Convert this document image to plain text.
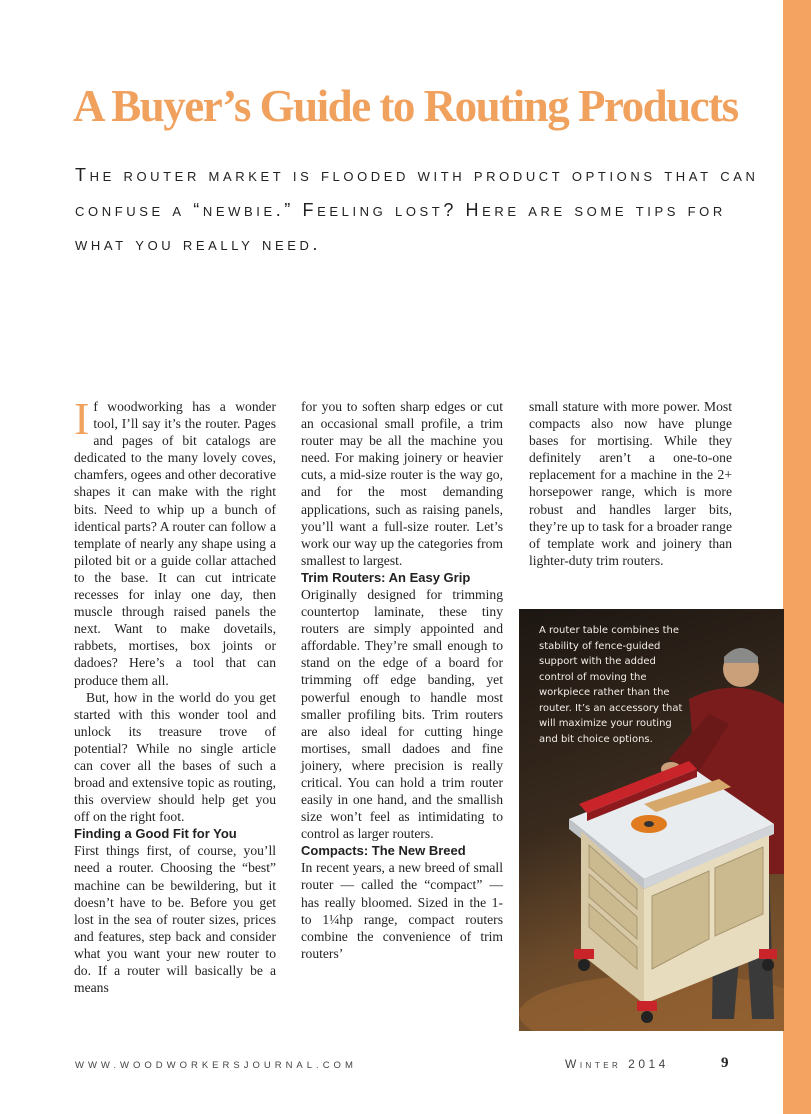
A Buyer’s Guide to Routing Products

The router market is flooded with product options that can confuse a “newbie.” Feeling lost? Here are some tips for what you really need.

If woodworking has a wonder tool, I’ll say it’s the router. Pages and pages of bit catalogs are dedicated to the many lovely coves, chamfers, ogees and other decorative shapes it can make with the right bits. Need to whip up a bunch of identical parts? A router can follow a template of nearly any shape using a piloted bit or a guide collar attached to the base. It can cut intricate recesses for inlay one day, then muscle through raised panels the next. Want to make dovetails, rabbets, mortises, box joints or dadoes? Here’s a tool that can produce them all.

But, how in the world do you get started with this wonder tool and unlock its treasure trove of potential? While no single article can cover all the bases of such a broad and extensive topic as routing, this overview should help get you off on the right foot.

Finding a Good Fit for You

First things first, of course, you’ll need a router. Choosing the “best” machine can be bewildering, but it doesn’t have to be. Before you get lost in the sea of router sizes, prices and features, step back and consider what you want your new router to do. If a router will basically be a means

for you to soften sharp edges or cut an occasional small profile, a trim router may be all the machine you need. For making joinery or heavier cuts, a mid-size router is the way go, and for the most demanding applications, such as raising panels, you’ll want a full-size router. Let’s work our way up the categories from smallest to largest.

Trim Routers: An Easy Grip

Originally designed for trimming countertop laminate, these tiny routers are simply appointed and affordable. They’re small enough to stand on the edge of a board for trimming off edge banding, yet powerful enough to handle most smaller profiling bits. Trim routers are also ideal for cutting hinge mortises, small dadoes and fine joinery, where precision is really critical. You can hold a trim router easily in one hand, and the smallish size won’t feel as intimidating to control as larger routers.

Compacts: The New Breed

In recent years, a new breed of small router — called the “compact” — has really bloomed. Sized in the 1- to 1¼hp range, compact routers combine the convenience of trim routers’

small stature with more power. Most compacts also now have plunge bases for mortising. While they definitely aren’t a one-to-one replacement for a machine in the 2+ horsepower range, which is more robust and handles larger bits, they’re up to task for a broader range of template work and joinery than lighter-duty trim routers.

A router table combines the stability of fence-guided support with the added control of moving the workpiece rather than the router. It’s an accessory that will maximize your routing and bit choice options.

WWW.WOODWORKERSJOURNAL.COM	Winter 2014	9
